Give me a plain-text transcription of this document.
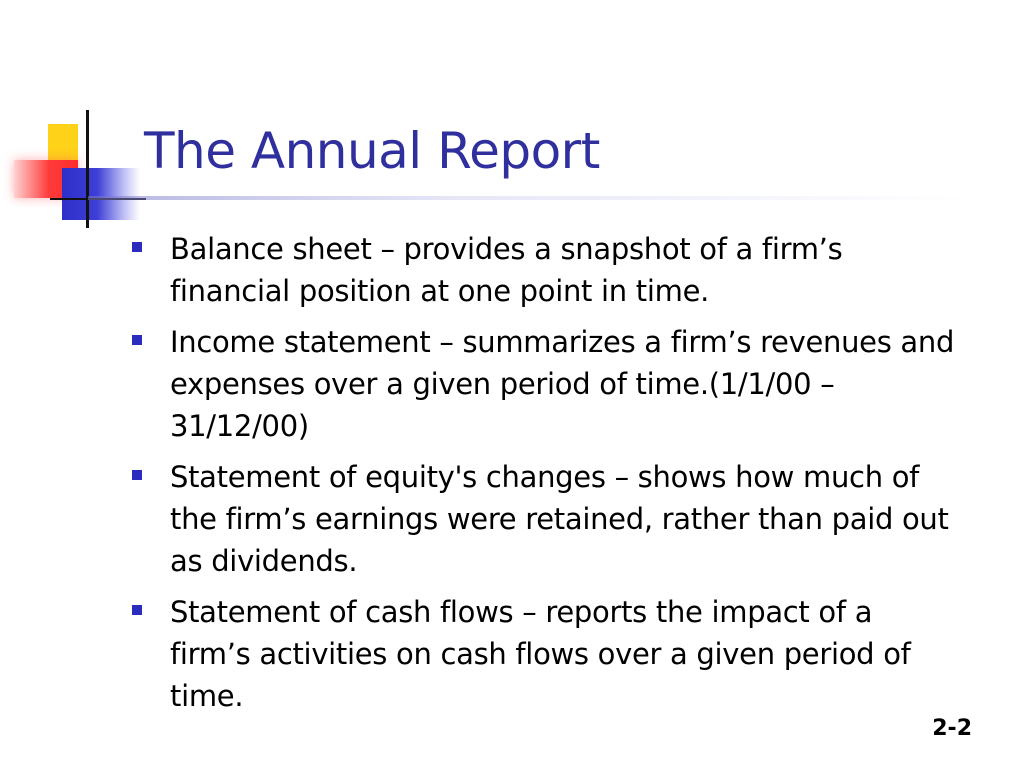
The Annual Report
Balance sheet – provides a snapshot of a firm’s financial position at one point in time.
Income statement – summarizes a firm’s revenues and expenses over a given period of time.(1/1/00 – 31/12/00)
Statement of equity's changes – shows how much of the firm’s earnings were retained, rather than paid out as dividends.
Statement of cash flows – reports the impact of a firm’s activities on cash flows over a given period of time.
2-2
